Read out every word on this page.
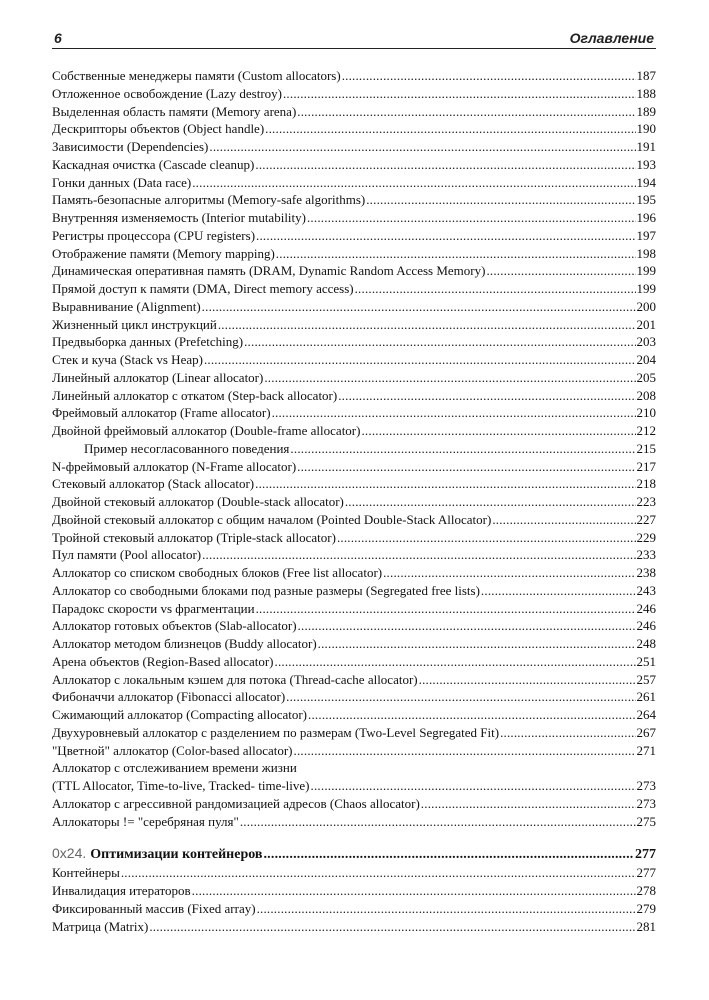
6	Оглавление
Собственные менеджеры памяти (Custom allocators) .....	187
Отложенное освобождение (Lazy destroy) .....	188
Выделенная область памяти (Memory arena) .....	189
Дескрипторы объектов (Object handle) .....	190
Зависимости (Dependencies) .....	191
Каскадная очистка (Cascade cleanup) .....	193
Гонки данных (Data race) .....	194
Память-безопасные алгоритмы (Memory-safe algorithms) .....	195
Внутренняя изменяемость (Interior mutability) .....	196
Регистры процессора (CPU registers) .....	197
Отображение памяти (Memory mapping) .....	198
Динамическая оперативная память (DRAM, Dynamic Random Access Memory) .....	199
Прямой доступ к памяти (DMA, Direct memory access) .....	199
Выравнивание (Alignment) .....	200
Жизненный цикл инструкций .....	201
Предвыборка данных (Prefetching) .....	203
Стек и куча (Stack vs Heap) .....	204
Линейный аллокатор (Linear allocator) .....	205
Линейный аллокатор с откатом (Step-back allocator) .....	208
Фреймовый аллокатор (Frame allocator) .....	210
Двойной фреймовый аллокатор (Double-frame allocator) .....	212
Пример несогласованного поведения .....	215
N-фреймовый аллокатор (N-Frame allocator) .....	217
Стековый аллокатор (Stack allocator) .....	218
Двойной стековый аллокатор (Double-stack allocator) .....	223
Двойной стековый аллокатор с общим началом (Pointed Double-Stack Allocator) .....	227
Тройной стековый аллокатор (Triple-stack allocator) .....	229
Пул памяти (Pool allocator) .....	233
Аллокатор со списком свободных блоков (Free list allocator) .....	238
Аллокатор со свободными блоками под разные размеры (Segregated free lists) .....	243
Парадокс скорости vs фрагментации .....	246
Аллокатор готовых объектов (Slab-allocator) .....	246
Аллокатор методом близнецов (Buddy allocator) .....	248
Арена объектов (Region-Based allocator) .....	251
Аллокатор с локальным кэшем для потока (Thread-cache allocator) .....	257
Фибоначчи аллокатор (Fibonacci allocator) .....	261
Сжимающий аллокатор (Compacting allocator) .....	264
Двухуровневый аллокатор с разделением по размерам (Two-Level Segregated Fit) .....	267
"Цветной" аллокатор (Color-based allocator) .....	271
Аллокатор с отслеживанием времени жизни
(TTL Allocator, Time-to-live, Tracked- time-live) .....	273
Аллокатор с агрессивной рандомизацией адресов (Chaos allocator) .....	273
Аллокаторы != "серебряная пуля" .....	275
0x24. Оптимизации контейнеров .....	277
Контейнеры .....	277
Инвалидация итераторов .....	278
Фиксированный массив (Fixed array) .....	279
Матрица (Matrix) .....	281
